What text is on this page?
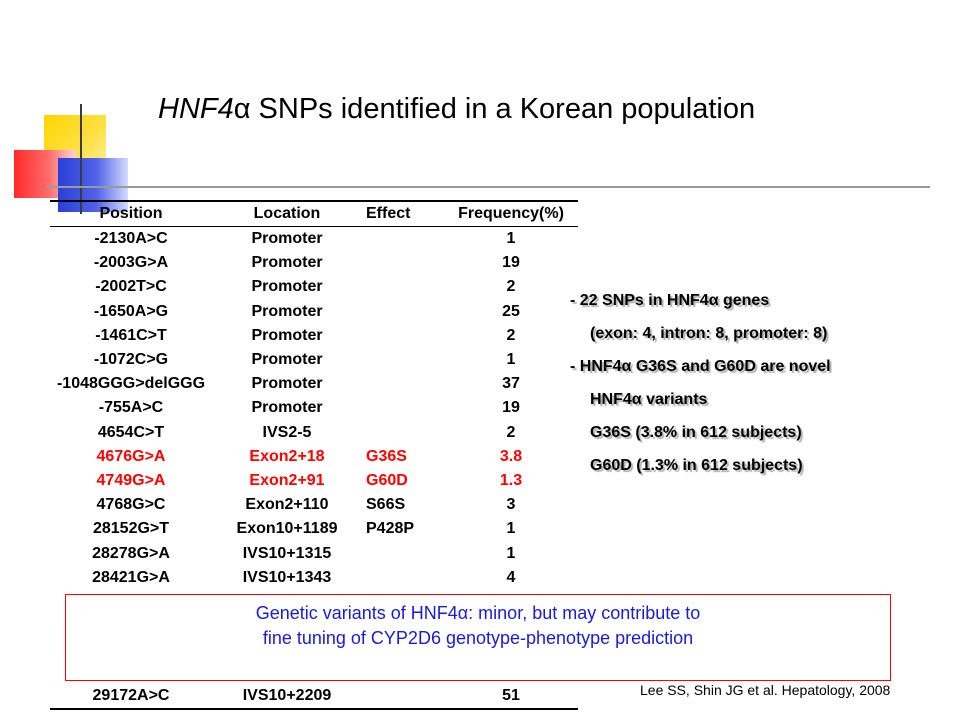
HNF4α SNPs identified in a Korean population
Position	Location	Effect	Frequency(%)
-2130A>C	Promoter		1
-2003G>A	Promoter		19
-2002T>C	Promoter		2
-1650A>G	Promoter		25
-1461C>T	Promoter		2
-1072C>G	Promoter		1
-1048GGG>delGGG	Promoter		37
-755A>C	Promoter		19
4654C>T	IVS2-5		2
4676G>A	Exon2+18	G36S	3.8
4749G>A	Exon2+91	G60D	1.3
4768G>C	Exon2+110	S66S	3
28152G>T	Exon10+1189	P428P	1
28278G>A	IVS10+1315		1
28421G>A	IVS10+1343		4

29172A>C	IVS10+2209		51
- 22 SNPs in HNF4α genes
(exon: 4, intron: 8, promoter: 8)
- HNF4α G36S and G60D are novel
HNF4α variants
G36S (3.8% in 612 subjects)
G60D (1.3% in 612 subjects)
Genetic variants of HNF4α: minor, but may contribute to
fine tuning of CYP2D6 genotype-phenotype prediction
Lee SS, Shin JG et al. Hepatology, 2008
